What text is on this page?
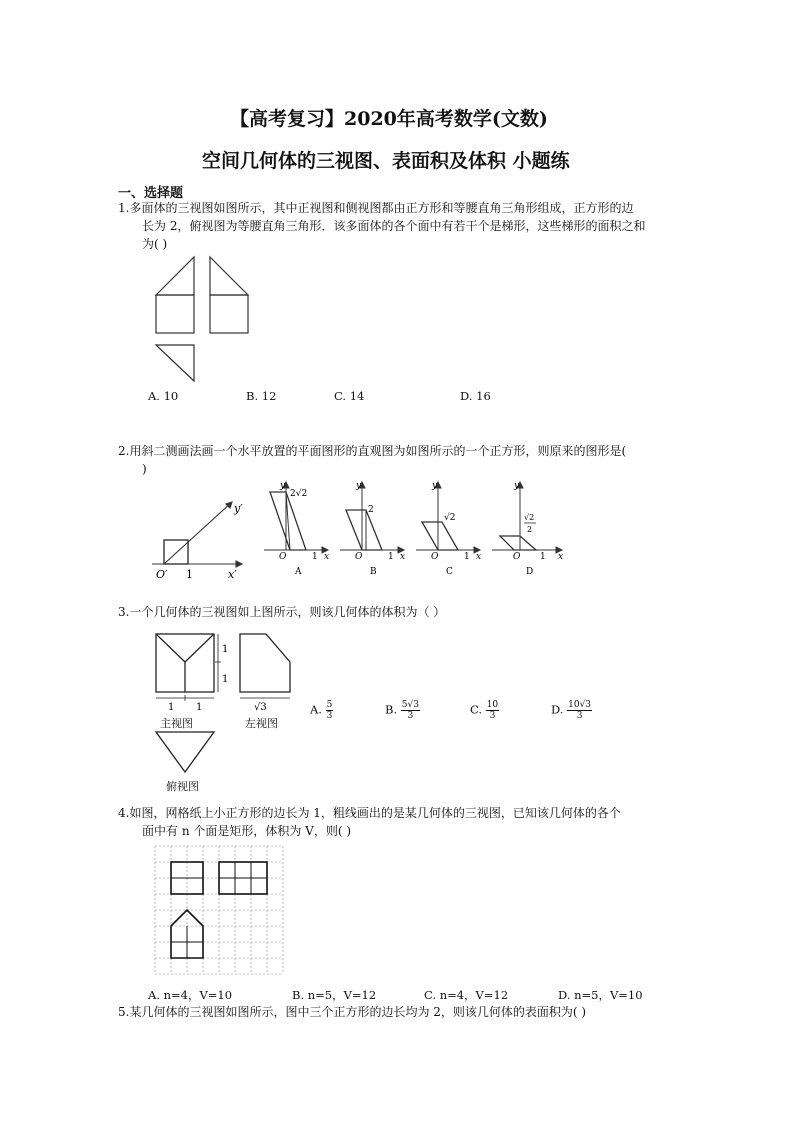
【高考复习】2020年高考数学(文数)
空间几何体的三视图、表面积及体积 小题练
一、选择题
1.多面体的三视图如图所示，其中正视图和侧视图都由正方形和等腰直角三角形组成，正方形的边
长为 2，俯视图为等腰直角三角形．该多面体的各个面中有若干个是梯形，这些梯形的面积之和
为( )
A. 10	B. 12	C. 14	D. 16
2.用斜二测画法画一个水平放置的平面图形的直观图为如图所示的一个正方形，则原来的图形是(
)
O′ 1	x′
y′
y
2√2
O	1 x
A
y
2
O	1 x
B
y
√2
O	1 x
C
y
√2
2
O 1 x
D
3.一个几何体的三视图如上图所示，则该几何体的体积为（ ）
1
1
1 1	√3
主视图	左视图
俯视图
A. $\frac{5}{3}$	B. $\frac{5√3}{3}$	C. $\frac{10}{3}$	D. $\frac{10√3}{3}$
4.如图，网格纸上小正方形的边长为 1，粗线画出的是某几何体的三视图，已知该几何体的各个
面中有 n 个面是矩形，体积为 V，则( )
A. n=4，V=10	B. n=5，V=12	C. n=4，V=12	D. n=5，V=10
5.某几何体的三视图如图所示，图中三个正方形的边长均为 2，则该几何体的表面积为( )
